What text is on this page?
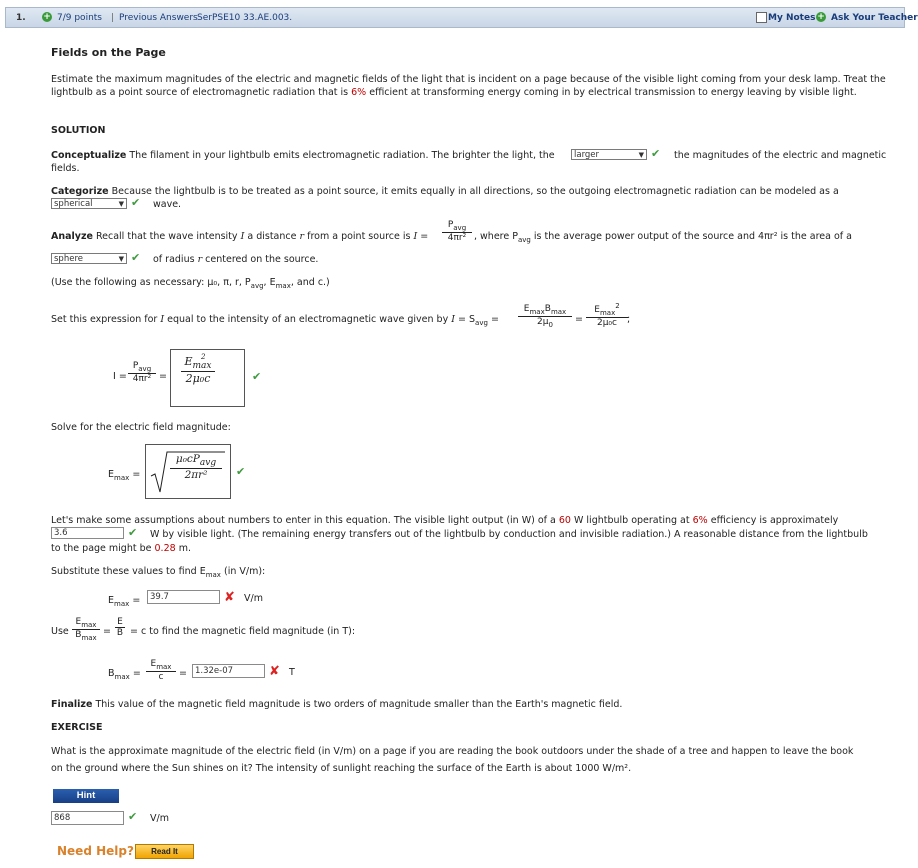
1. + 7/9 points | Previous Answers SerPSE10 33.AE.003.	My Notes + Ask Your Teacher
Fields on the Page
Estimate the maximum magnitudes of the electric and magnetic fields of the light that is incident on a page because of the visible light coming from your desk lamp. Treat the lightbulb as a point source of electromagnetic radiation that is 6% efficient at transforming energy coming in by electrical transmission to energy leaving by visible light.
SOLUTION
Conceptualize The filament in your lightbulb emits electromagnetic radiation. The brighter the light, the	larger	▼ ✔ the magnitudes of the electric and magnetic
fields.
Categorize Because the lightbulb is to be treated as a point source, it emits equally in all directions, so the outgoing electromagnetic radiation can be modeled as a
spherical	▼ ✔ wave.
Analyze Recall that the wave intensity I a distance r from a point source is I =
$P_{avg}$
4πr² , where $P_{avg}$ is the average power output of the source and 4πr² is the area of a
sphere	▼ ✔ of radius r centered on the source.
(Use the following as necessary: μ₀, π, r, $P_{avg}$, $E_{max}$, and c.)
Set this expression for I equal to the intensity of an electromagnetic wave given by $I = S_{avg}$ =
$E_{max}B_{max}$
$2\mu_0$	=
$E_{max}^2$
2μ₀c	;
I =
$P_{avg}$
4πr² =
E 2
$_{max}$
2μ₀c	✔
Solve for the electric field magnitude:
$E_{max}$ =
$\mu_0cP_{avg}$
2πr²	✔
Let's make some assumptions about numbers to enter in this equation. The visible light output (in W) of a 60 W lightbulb operating at 6% efficiency is approximately
3.6	✔ W by visible light. (The remaining energy transfers out of the lightbulb by conduction and invisible radiation.) A reasonable distance from the lightbulb
to the page might be 0.28 m.
Substitute these values to find $E_{max}$ (in V/m):
$E_{max}$ =	39.7	✘ V/m
Use
$E_{max}$
$B_{max}$
= $\frac{E}{B} = c$ to find the magnetic field magnitude (in T):
$B_{max}$ =
$E_{max}$
c	= 1.32e-07	✘ T
Finalize This value of the magnetic field magnitude is two orders of magnitude smaller than the Earth's magnetic field.
EXERCISE
What is the approximate magnitude of the electric field (in V/m) on a page if you are reading the book outdoors under the shade of a tree and happen to leave the book
on the ground where the Sun shines on it? The intensity of sunlight reaching the surface of the Earth is about 1000 W/m².
Hint
868	✔ V/m
Need Help?	Read It
